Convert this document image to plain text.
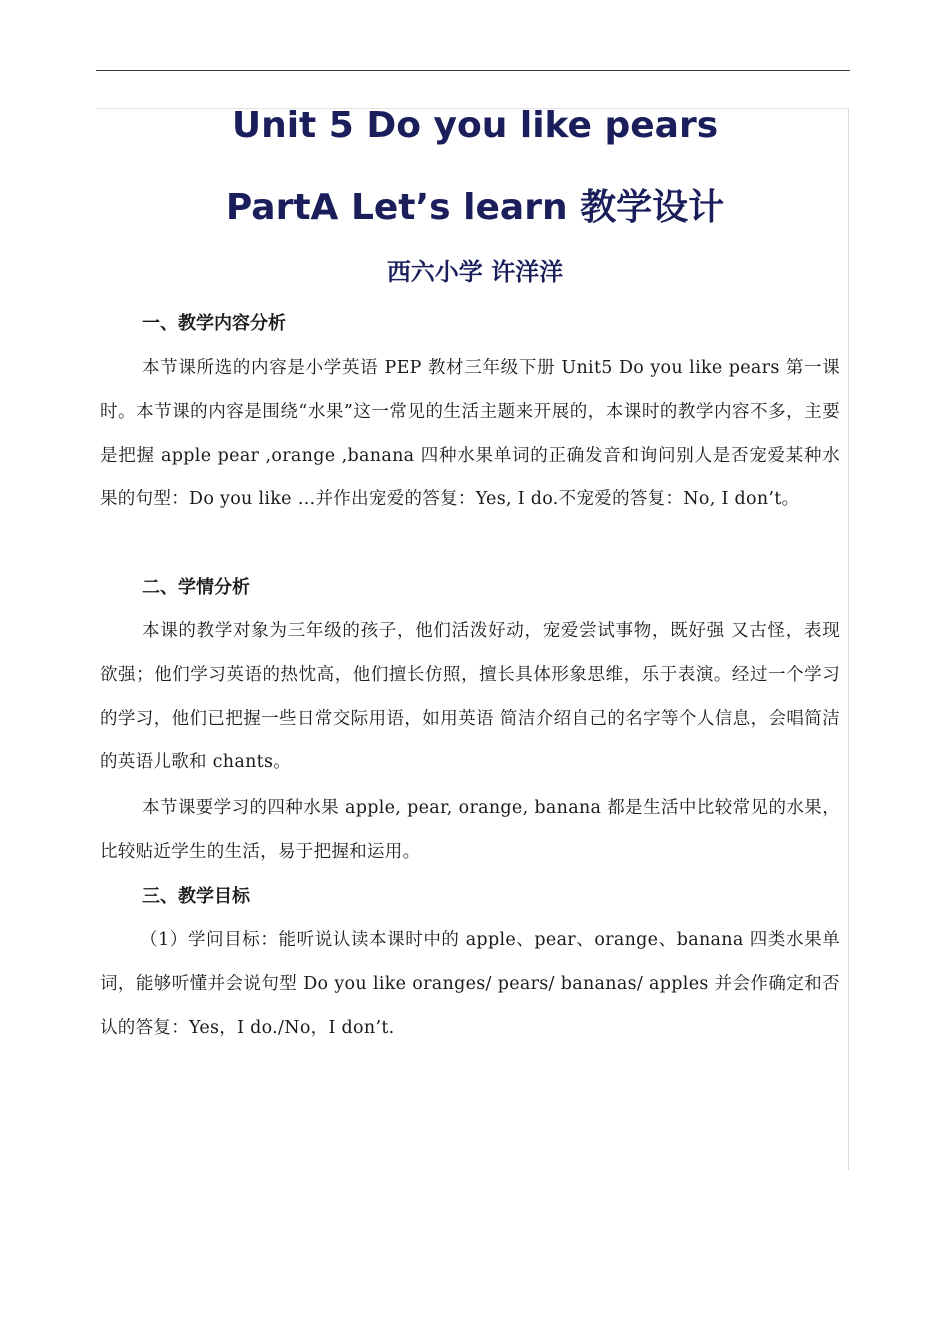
Unit 5 Do you like pears
PartA Let’s learn 教学设计
西六小学 许洋洋
一、教学内容分析

本节课所选的内容是小学英语 PEP 教材三年级下册 Unit5 Do you like pears 第一课时。本节课的内容是围绕“水果”这一常见的生活主题来开展的，本课时的教学内容不多，主要是把握 apple pear ,orange ,banana 四种水果单词的正确发音和询问别人是否宠爱某种水果的句型：Do you like …并作出宠爱的答复：Yes, I do.不宠爱的答复：No, I don’t。

二、学情分析

本课的教学对象为三年级的孩子，他们活泼好动，宠爱尝试事物，既好强 又古怪，表现欲强；他们学习英语的热忱高，他们擅长仿照，擅长具体形象思维，乐于表演。经过一个学习的学习，他们已把握一些日常交际用语，如用英语 简洁介绍自己的名字等个人信息，会唱简洁的英语儿歌和 chants。

本节课要学习的四种水果 apple, pear, orange, banana 都是生活中比较常见的水果，比较贴近学生的生活，易于把握和运用。

三、教学目标

（1）学问目标：能听说认读本课时中的 apple、pear、orange、banana 四类水果单词，能够听懂并会说句型 Do you like oranges/ pears/ bananas/ apples 并会作确定和否认的答复：Yes，I do./No，I don’t.
